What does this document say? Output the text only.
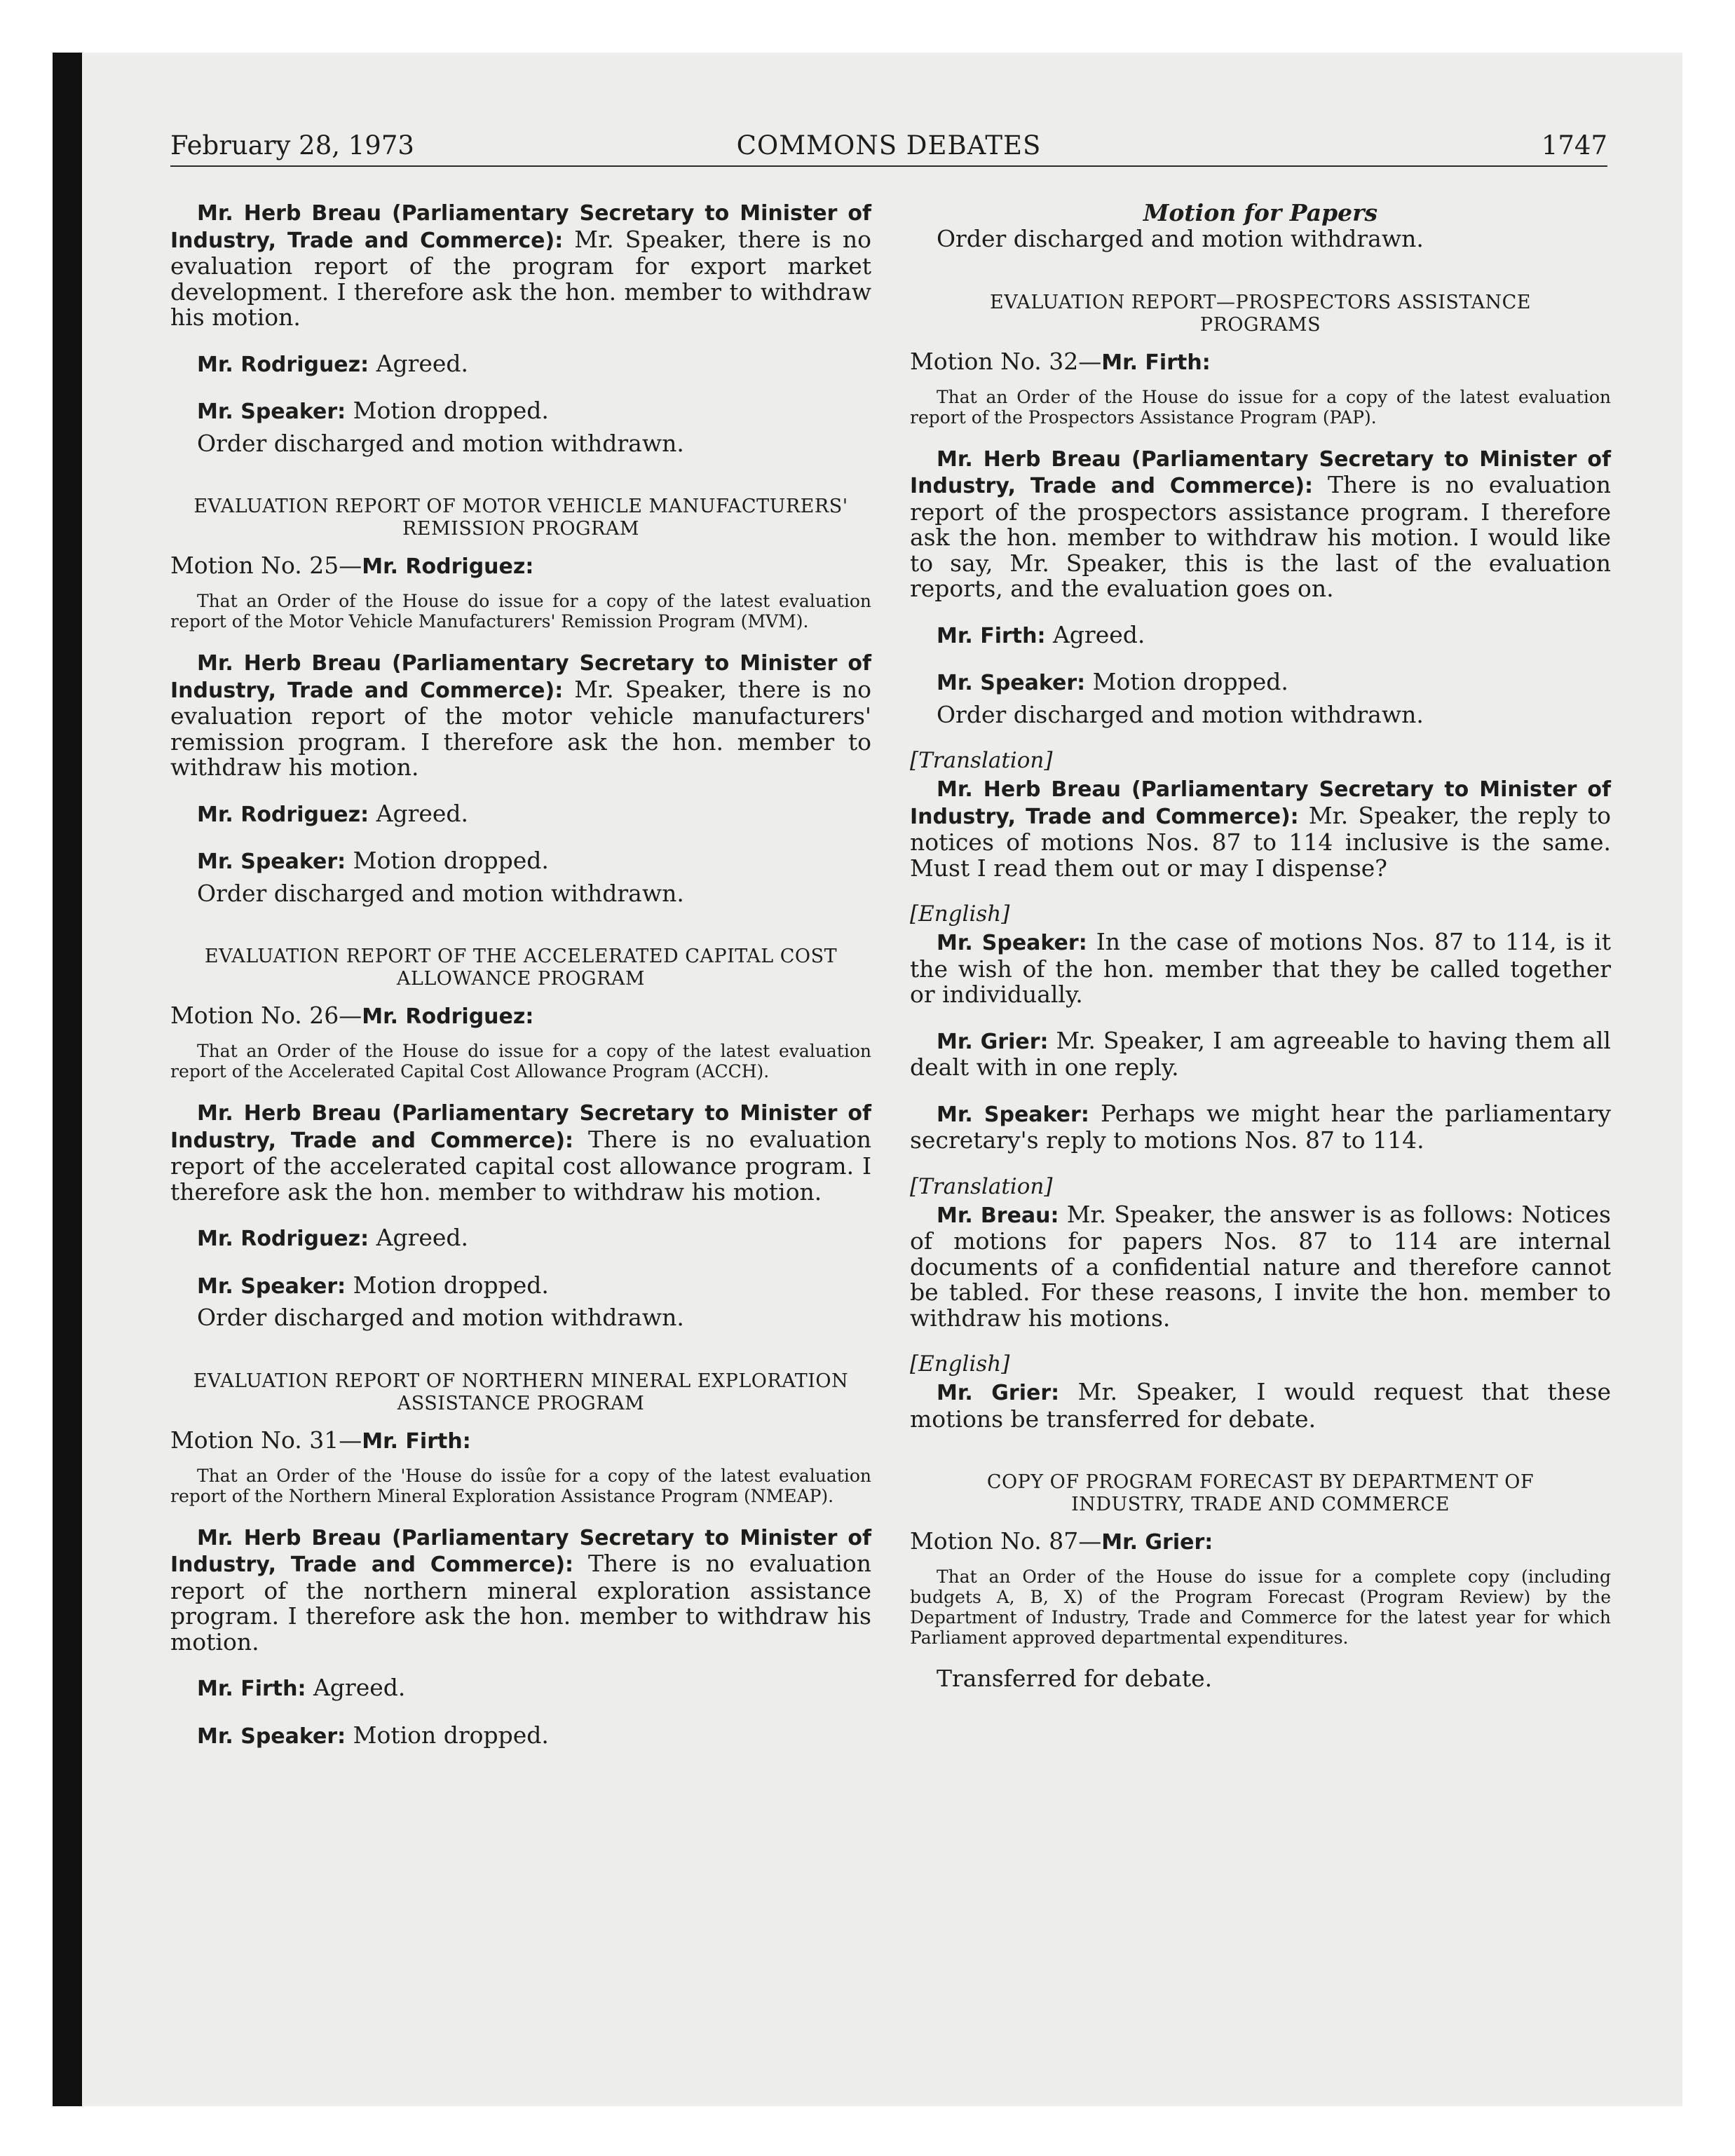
February 28, 1973	COMMONS DEBATES	1747

Mr. Herb Breau (Parliamentary Secretary to Minister of Industry, Trade and Commerce): Mr. Speaker, there is no evaluation report of the program for export market development. I therefore ask the hon. member to withdraw his motion.

Mr. Rodriguez: Agreed.

Mr. Speaker: Motion dropped.

Order discharged and motion withdrawn.

EVALUATION REPORT OF MOTOR VEHICLE MANUFACTURERS' REMISSION PROGRAM
Motion No. 25—Mr. Rodriguez:

That an Order of the House do issue for a copy of the latest evaluation report of the Motor Vehicle Manufacturers' Remission Program (MVM).

Mr. Herb Breau (Parliamentary Secretary to Minister of Industry, Trade and Commerce): Mr. Speaker, there is no evaluation report of the motor vehicle manufacturers' remission program. I therefore ask the hon. member to withdraw his motion.

Mr. Rodriguez: Agreed.

Mr. Speaker: Motion dropped.

Order discharged and motion withdrawn.

EVALUATION REPORT OF THE ACCELERATED CAPITAL COST ALLOWANCE PROGRAM
Motion No. 26—Mr. Rodriguez:

That an Order of the House do issue for a copy of the latest evaluation report of the Accelerated Capital Cost Allowance Program (ACCH).

Mr. Herb Breau (Parliamentary Secretary to Minister of Industry, Trade and Commerce): There is no evaluation report of the accelerated capital cost allowance program. I therefore ask the hon. member to withdraw his motion.

Mr. Rodriguez: Agreed.

Mr. Speaker: Motion dropped.

Order discharged and motion withdrawn.

EVALUATION REPORT OF NORTHERN MINERAL EXPLORATION ASSISTANCE PROGRAM
Motion No. 31—Mr. Firth:

That an Order of the 'House do issûe for a copy of the latest evaluation report of the Northern Mineral Exploration Assistance Program (NMEAP).

Mr. Herb Breau (Parliamentary Secretary to Minister of Industry, Trade and Commerce): There is no evaluation report of the northern mineral exploration assistance program. I therefore ask the hon. member to withdraw his motion.

Mr. Firth: Agreed.

Mr. Speaker: Motion dropped.

Motion for Papers

Order discharged and motion withdrawn.

EVALUATION REPORT—PROSPECTORS ASSISTANCE PROGRAMS
Motion No. 32—Mr. Firth:

That an Order of the House do issue for a copy of the latest evaluation report of the Prospectors Assistance Program (PAP).

Mr. Herb Breau (Parliamentary Secretary to Minister of Industry, Trade and Commerce): There is no evaluation report of the prospectors assistance program. I therefore ask the hon. member to withdraw his motion. I would like to say, Mr. Speaker, this is the last of the evaluation reports, and the evaluation goes on.

Mr. Firth: Agreed.

Mr. Speaker: Motion dropped.

Order discharged and motion withdrawn.

[Translation]

Mr. Herb Breau (Parliamentary Secretary to Minister of Industry, Trade and Commerce): Mr. Speaker, the reply to notices of motions Nos. 87 to 114 inclusive is the same. Must I read them out or may I dispense?

[English]

Mr. Speaker: In the case of motions Nos. 87 to 114, is it the wish of the hon. member that they be called together or individually.

Mr. Grier: Mr. Speaker, I am agreeable to having them all dealt with in one reply.

Mr. Speaker: Perhaps we might hear the parliamentary secretary's reply to motions Nos. 87 to 114.

[Translation]

Mr. Breau: Mr. Speaker, the answer is as follows: Notices of motions for papers Nos. 87 to 114 are internal documents of a confidential nature and therefore cannot be tabled. For these reasons, I invite the hon. member to withdraw his motions.

[English]

Mr. Grier: Mr. Speaker, I would request that these motions be transferred for debate.

COPY OF PROGRAM FORECAST BY DEPARTMENT OF INDUSTRY, TRADE AND COMMERCE
Motion No. 87—Mr. Grier:

That an Order of the House do issue for a complete copy (including budgets A, B, X) of the Program Forecast (Program Review) by the Department of Industry, Trade and Commerce for the latest year for which Parliament approved departmental expenditures.

Transferred for debate.
